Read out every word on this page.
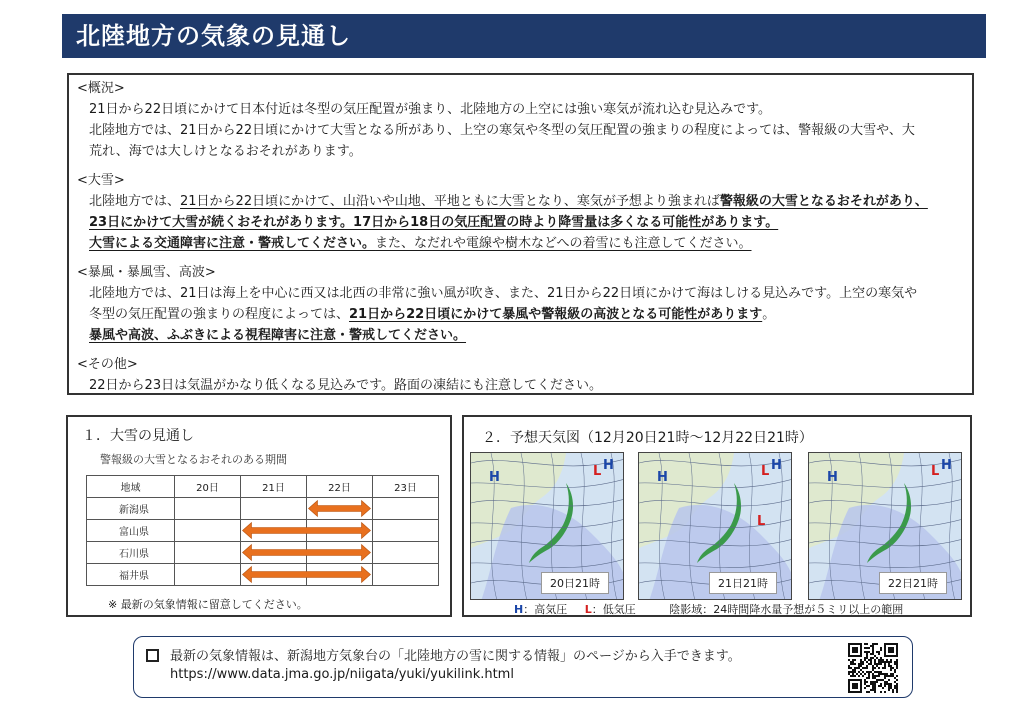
北陸地方の気象の見通し
<概況>
21日から22日頃にかけて日本付近は冬型の気圧配置が強まり、北陸地方の上空には強い寒気が流れ込む見込みです。
北陸地方では、21日から22日頃にかけて大雪となる所があり、上空の寒気や冬型の気圧配置の強まりの程度によっては、警報級の大雪や、大
荒れ、海では大しけとなるおそれがあります。
<大雪>
北陸地方では、21日から22日頃にかけて、山沿いや山地、平地ともに大雪となり、寒気が予想より強まれば警報級の大雪となるおそれがあり、
23日にかけて大雪が続くおそれがあります。17日から18日の気圧配置の時より降雪量は多くなる可能性があります。
大雪による交通障害に注意・警戒してください。また、なだれや電線や樹木などへの着雪にも注意してください。
<暴風・暴風雪、高波>
北陸地方では、21日は海上を中心に西又は北西の非常に強い風が吹き、また、21日から22日頃にかけて海はしける見込みです。上空の寒気や
冬型の気圧配置の強まりの程度によっては、21日から22日頃にかけて暴風や警報級の高波となる可能性があります。
暴風や高波、ふぶきによる視程障害に注意・警戒してください。
<その他>
22日から23日は気温がかなり低くなる見込みです。路面の凍結にも注意してください。
１．大雪の見通し
警報級の大雪となるおそれのある期間
※ 最新の気象情報に留意してください。
地域	20日	21日	22日	23日
新潟県				
富山県				
石川県				
福井県				
２．予想天気図（12月20日21時～12月22日21時）
H
H
L
20日21時
H
H
L
L
21日21時
H
H
L
22日21時
H：高気圧 L：低気圧	陰影域：24時間降水量予想が５ミリ以上の範囲
最新の気象情報は、新潟地方気象台の「北陸地方の雪に関する情報」のページから入手できます。
https://www.data.jma.go.jp/niigata/yuki/yukilink.html
